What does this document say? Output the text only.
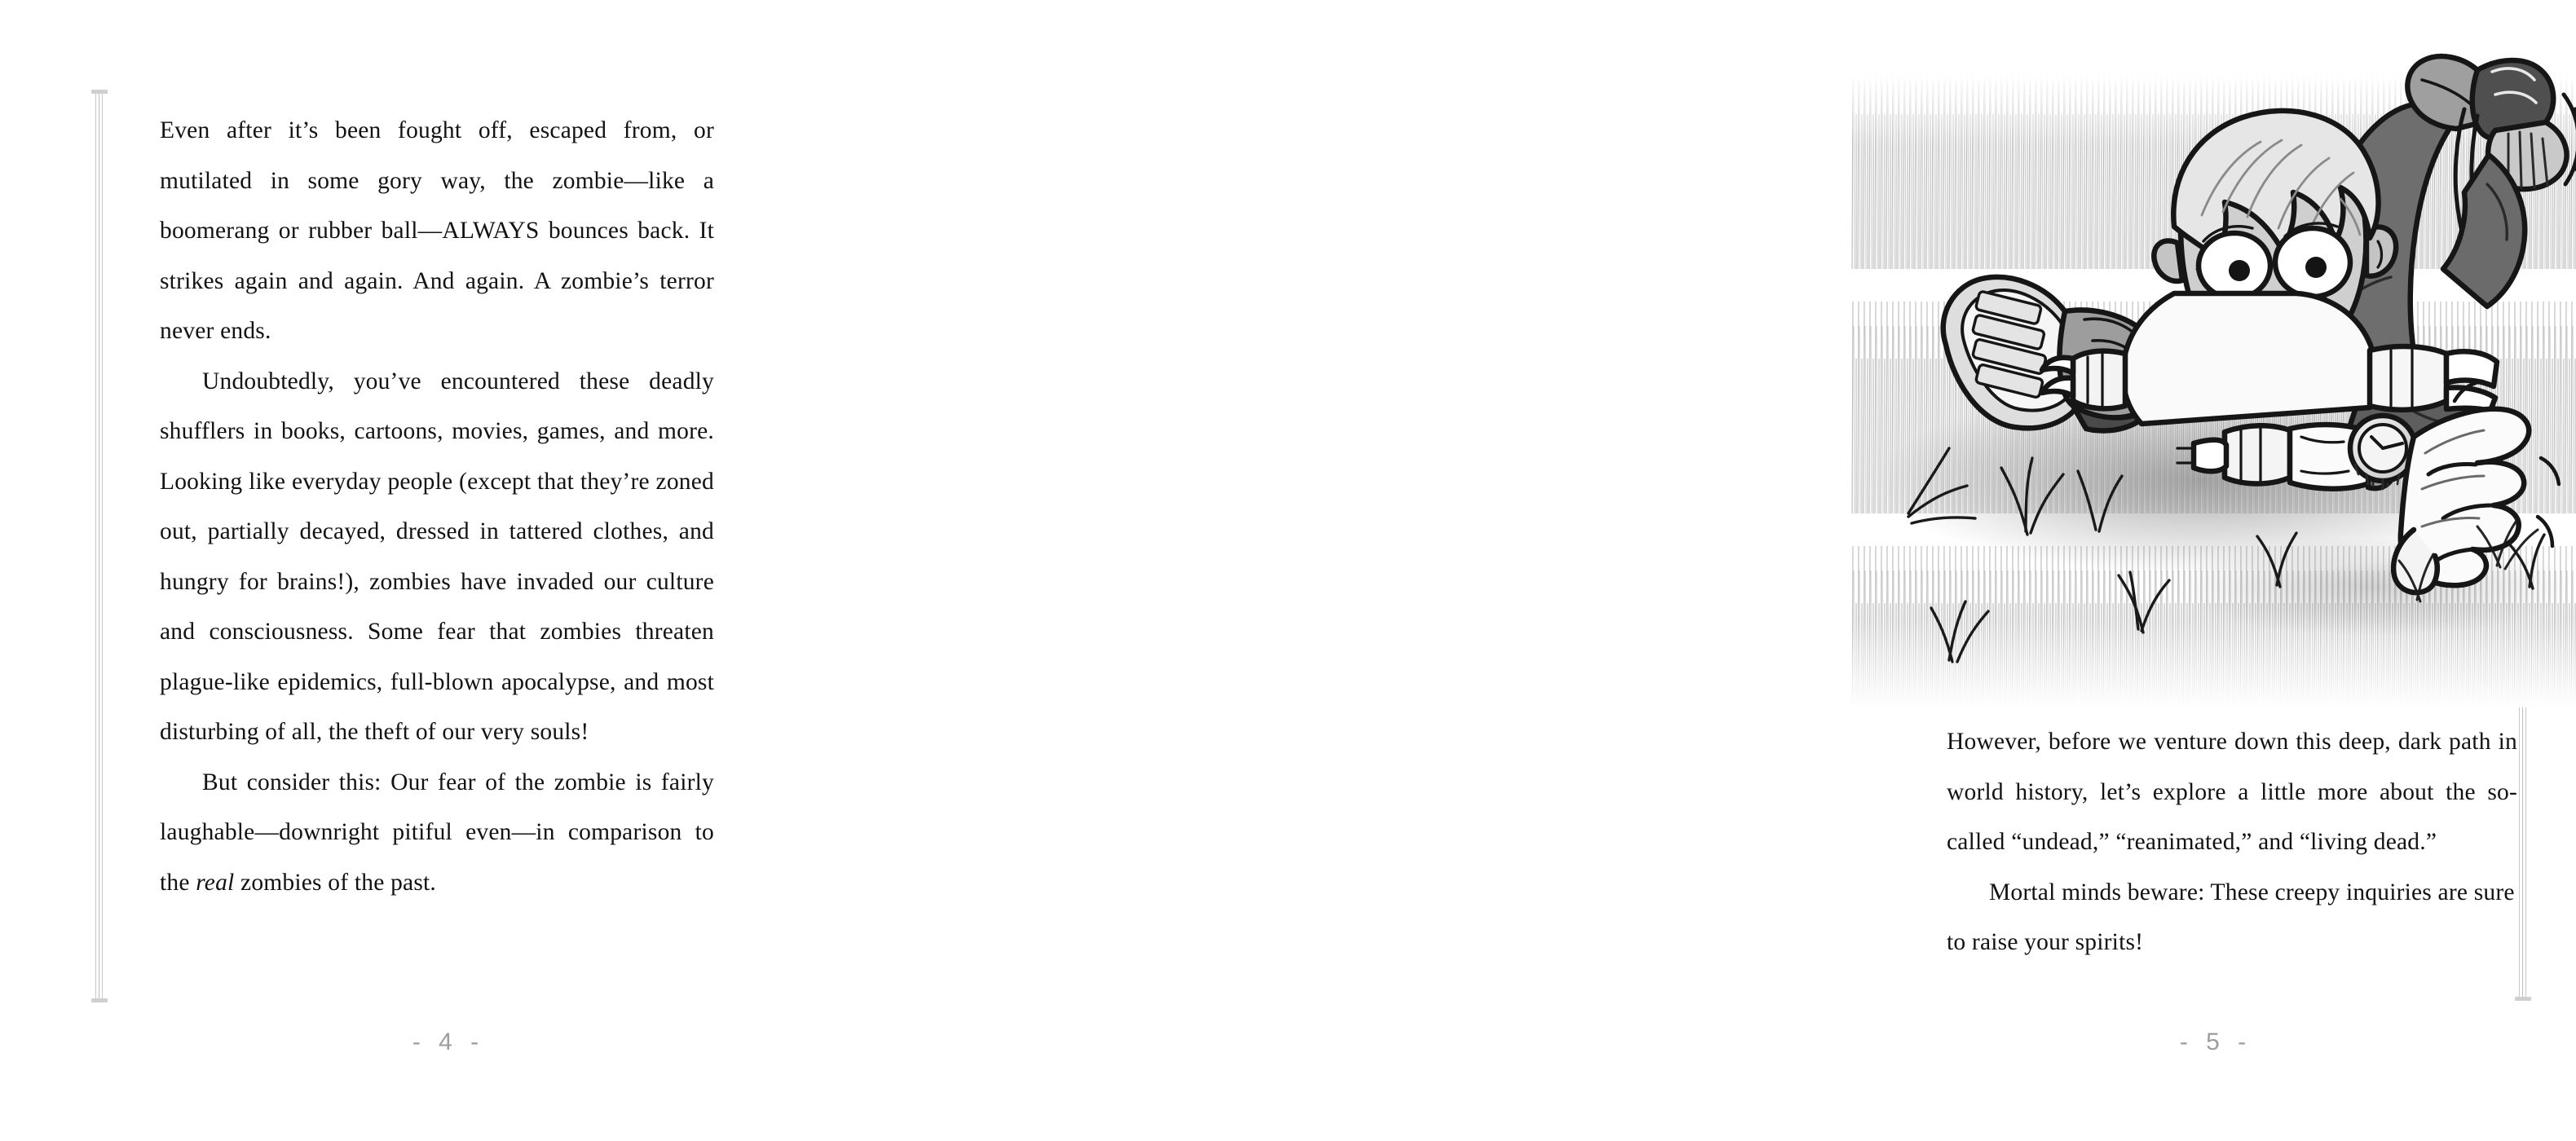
Even after it’s been fought off, escaped from, or mutilated in some gory way, the zombie—like a boomerang or rubber ball—ALWAYS bounces back. It strikes again and again. And again. A zombie’s terror never ends.

Undoubtedly, you’ve encountered these deadly shufflers in books, cartoons, movies, games, and more. Looking like everyday people (except that they’re zoned out, partially decayed, dressed in tattered clothes, and hungry for brains!), zombies have invaded our culture and consciousness. Some fear that zombies threaten plague-like epidemics, full-blown apocalypse, and most disturbing of all, the theft of our very souls!

But consider this: Our fear of the zombie is fairly laughable—downright pitiful even—in comparison to the real zombies of the past.

- 4 -

However, before we venture down this deep, dark path in world history, let’s explore a little more about the so-called “undead,” “reanimated,” and “living dead.”

Mortal minds beware: These creepy inquiries are sure to raise your spirits!

- 5 -
